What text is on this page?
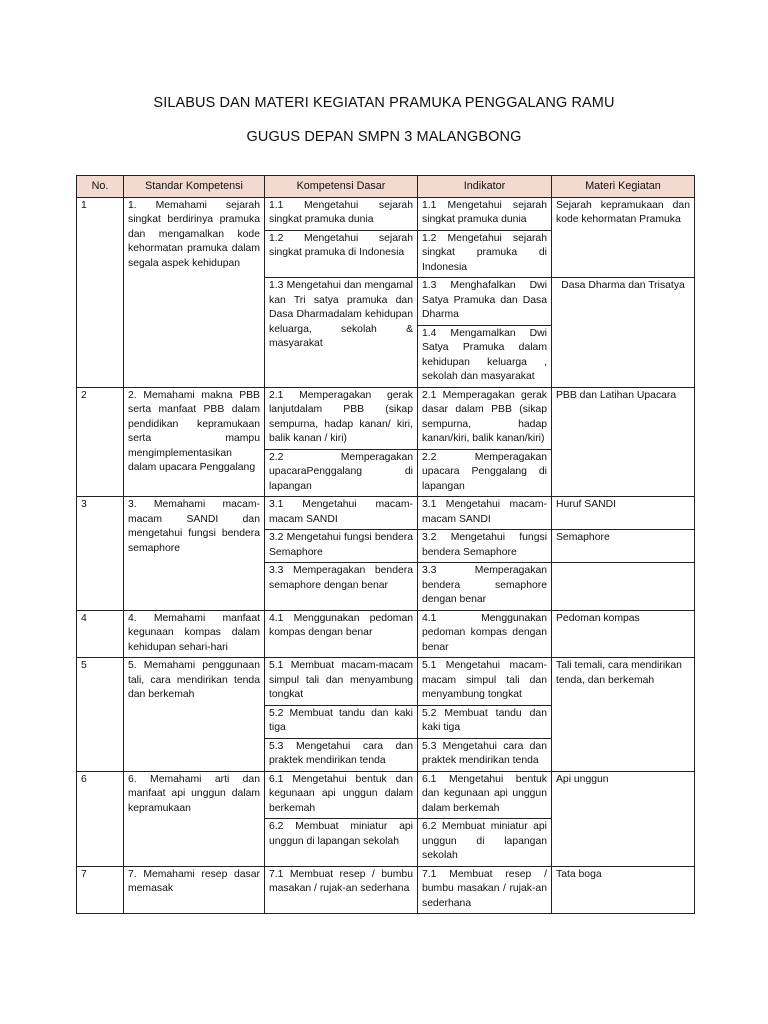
SILABUS DAN MATERI KEGIATAN PRAMUKA PENGGALANG RAMU
GUGUS DEPAN SMPN 3 MALANGBONG
No.	Standar Kompetensi	Kompetensi Dasar	Indikator	Materi Kegiatan
1	1. Memahami sejarah singkat berdirinya pramuka dan mengamalkan kode kehormatan pramuka dalam segala aspek kehidupan	1.1 Mengetahui sejarah singkat pramuka dunia	1.1 Mengetahui sejarah singkat pramuka dunia	Sejarah kepramukaan dan kode kehormatan Pramuka
		1.2 Mengetahui sejarah singkat pramuka di Indonesia	1.2 Mengetahui sejarah singkat pramuka di Indonesia	
		1.3 Mengetahui dan mengamal kan Tri satya pramuka dan Dasa Dharmadalam kehidupan keluarga, sekolah & masyarakat	1.3 Menghafalkan Dwi Satya Pramuka dan Dasa Dharma	Dasa Dharma dan Trisatya
			1.4 Mengamalkan Dwi Satya Pramuka dalam kehidupan keluarga , sekolah dan masyarakat	
2	2. Memahami makna PBB serta manfaat PBB dalam pendidikan kepramukaan serta mampu mengimplementasikan dalam upacara Penggalang	2.1 Memperagakan gerak lanjutdalam PBB (sikap sempurna, hadap kanan/ kiri, balik kanan / kiri)	2.1 Memperagakan gerak dasar dalam PBB (sikap sempurna, hadap kanan/kiri, balik kanan/kiri)	PBB dan Latihan Upacara
		2.2 Memperagakan upacaraPenggalang di lapangan	2.2 Memperagakan upacara Penggalang di lapangan	
3	3. Memahami macam-macam SANDI dan mengetahui fungsi bendera semaphore	3.1 Mengetahui macam-macam SANDI	3.1 Mengetahui macam-macam SANDI	Huruf SANDI
		3.2 Mengetahui fungsi bendera Semaphore	3.2 Mengetahui fungsi bendera Semaphore	Semaphore
		3.3 Memperagakan bendera semaphore dengan benar	3.3 Memperagakan bendera semaphore dengan benar	
4	4. Memahami manfaat kegunaan kompas dalam kehidupan sehari-hari	4.1 Menggunakan pedoman kompas dengan benar	4.1 Menggunakan pedoman kompas dengan benar	Pedoman kompas
5	5. Memahami penggunaan tali, cara mendirikan tenda dan berkemah	5.1 Membuat macam-macam simpul tali dan menyambung tongkat	5.1 Mengetahui macam-macam simpul tali dan menyambung tongkat	Tali temali, cara mendirikan tenda, dan berkemah
		5.2 Membuat tandu dan kaki tiga	5.2 Membuat tandu dan kaki tiga	
		5.3 Mengetahui cara dan praktek mendirikan tenda	5.3 Mengetahui cara dan praktek mendirikan tenda	
6	6. Memahami arti dan manfaat api unggun dalam kepramukaan	6.1 Mengetahui bentuk dan kegunaan api unggun dalam berkemah	6.1 Mengetahui bentuk dan kegunaan api unggun dalam berkemah	Api unggun
		6.2 Membuat miniatur api unggun di lapangan sekolah	6.2 Membuat miniatur api unggun di lapangan sekolah	
7	7. Memahami resep dasar memasak	7.1 Membuat resep / bumbu masakan / rujak-an sederhana	7.1 Membuat resep / bumbu masakan / rujak-an sederhana	Tata boga
